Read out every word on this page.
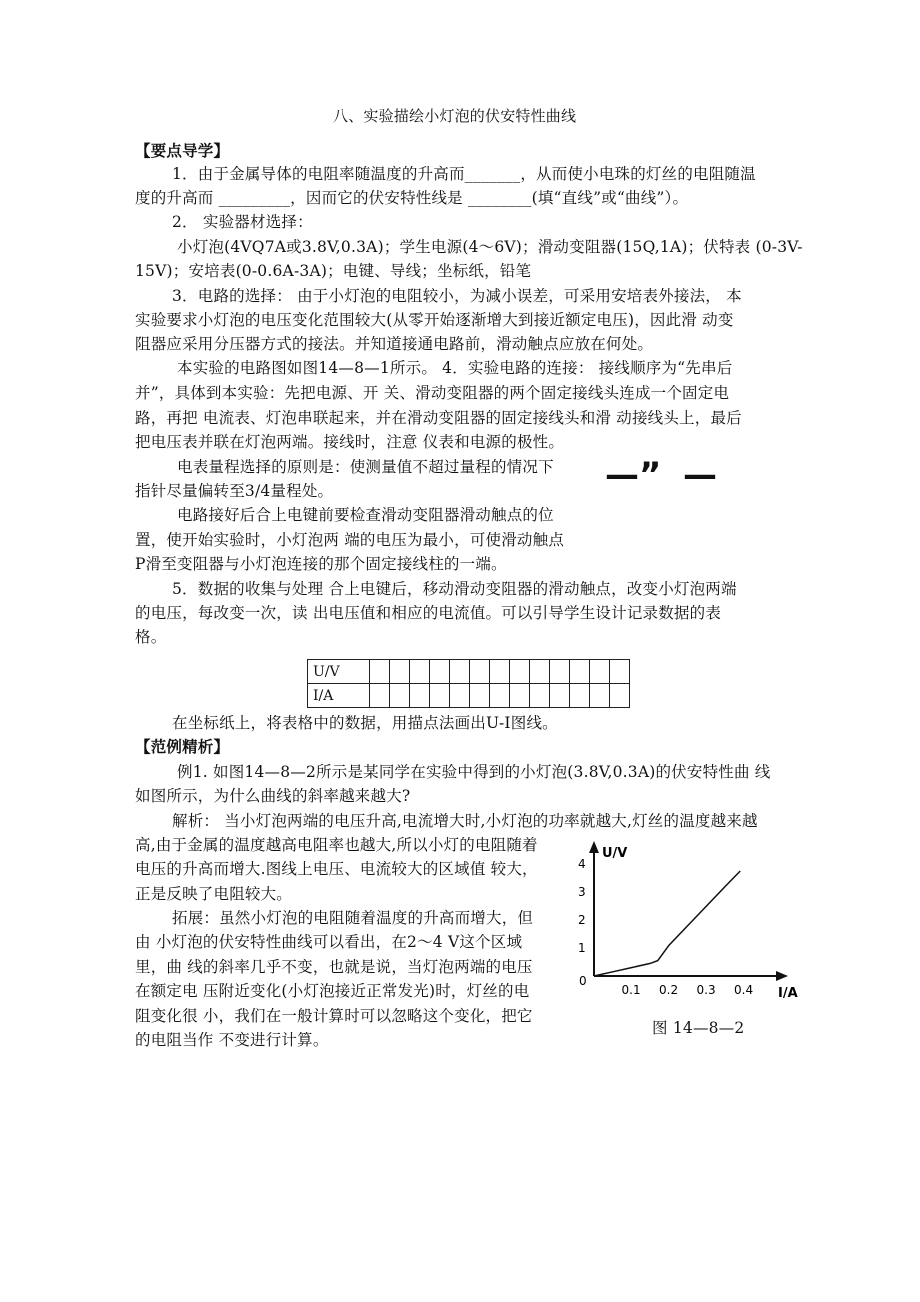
八、实验描绘小灯泡的伏安特性曲线
【要点导学】
1．由于金属导体的电阻率随温度的升高而_______，从而使小电珠的灯丝的电阻随温
度的升高而 _________，因而它的伏安特性线是 ________(填“直线”或“曲线”）。
2． 实验器材选择：
小灯泡(4VQ7A或3.8V,0.3A)；学生电源(4〜6V)；滑动变阻器(15Q,1A)；伏特表 (0-3V-
15V)；安培表(0-0.6A-3A)；电键、导线；坐标纸，铅笔
3．电路的选择： 由于小灯泡的电阻较小，为减小误差，可采用安培表外接法， 本
实验要求小灯泡的电压变化范围较大(从零开始逐渐增大到接近额定电压)，因此滑 动变
阻器应采用分压器方式的接法。并知道接通电路前，滑动触点应放在何处。
本实验的电路图如图14—8—1所示。 4．实验电路的连接： 接线顺序为“先串后
并”，具体到本实验：先把电源、开 关、滑动变阻器的两个固定接线头连成一个固定电
路，再把 电流表、灯泡串联起来，并在滑动变阻器的固定接线头和滑 动接线头上，最后
把电压表并联在灯泡两端。接线时，注意 仪表和电源的极性。
电表量程选择的原则是：使测量值不超过量程的情况下
指针尽量偏转至3/4量程处。	—” —
电路接好后合上电键前要检查滑动变阻器滑动触点的位
置，使开始实验时，小灯泡两 端的电压为最小，可使滑动触点
P滑至变阻器与小灯泡连接的那个固定接线柱的一端。
5．数据的收集与处理 合上电键后，移动滑动变阻器的滑动触点，改变小灯泡两端
的电压，每改变一次，读 出电压值和相应的电流值。可以引导学生设计记录数据的表
格。
U/V													
I/A													
在坐标纸上，将表格中的数据，用描点法画出U-I图线。
【范例精析】
例1. 如图14—8—2所示是某同学在实验中得到的小灯泡(3.8V,0.3A)的伏安特性曲 线
如图所示，为什么曲线的斜率越来越大?
解析： 当小灯泡两端的电压升高,电流增大时,小灯泡的功率就越大,灯丝的温度越来越
高,由于金属的温度越高电阻率也越大,所以小灯的电阻随着
电压的升高而增大.图线上电压、电流较大的区域值 较大，
正是反映了电阻较大。
拓展：虽然小灯泡的电阻随着温度的升高而增大，但
由 小灯泡的伏安特性曲线可以看出，在2〜4 V这个区域
里，曲 线的斜率几乎不变，也就是说，当灯泡两端的电压
在额定电 压附近变化(小灯泡接近正常发光)时，灯丝的电
阻变化很 小，我们在一般计算时可以忽略这个变化，把它
的电阻当作 不变进行计算。
U/V
I/A
0
0.1 0.2 0.3 0.4
1
2
3
4
图 14—8—2
